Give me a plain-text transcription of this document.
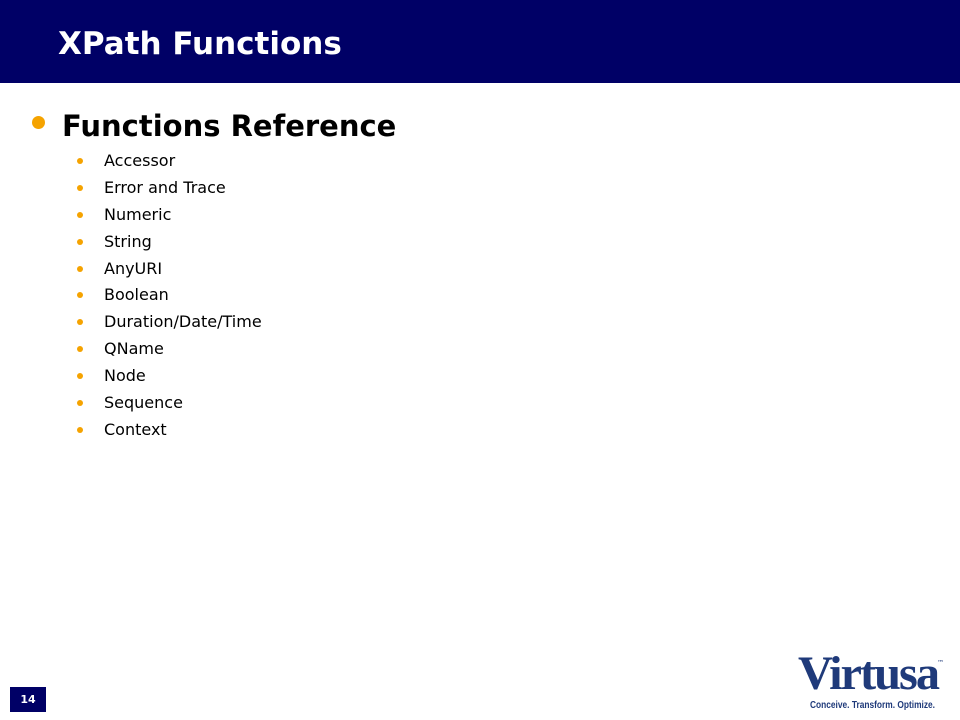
XPath Functions
Functions Reference
Accessor
Error and Trace
Numeric
String
AnyURI
Boolean
Duration/Date/Time
QName
Node
Sequence
Context
14	Virtusa
™
Conceive. Transform. Optimize.
